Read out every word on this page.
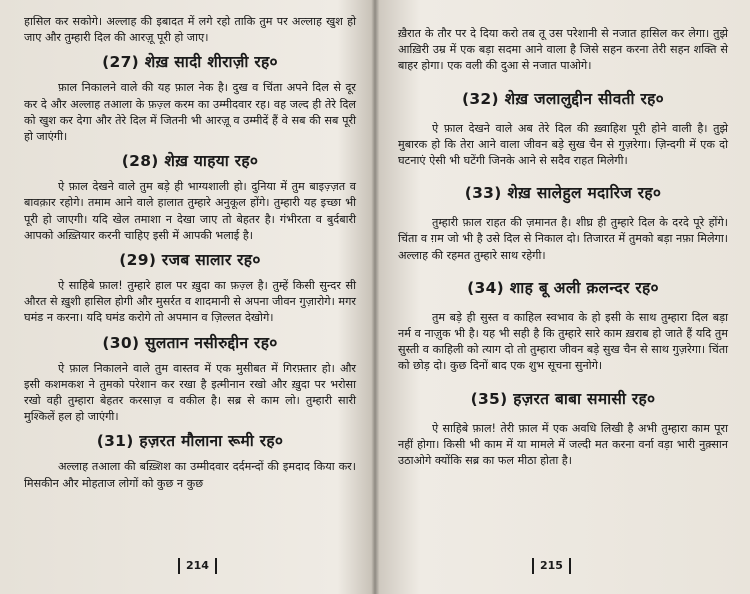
हासिल कर सकोगे। अल्लाह की इबादत में लगे रहो ताकि तुम पर अल्लाह खुश हो जाए और तुम्हारी दिल की आरज़ू पूरी हो जाए।

(27) शेख़ सादी शीराज़ी रह०

फ़ाल निकालने वाले की यह फ़ाल नेक है। दुख व चिंता अपने दिल से दूर कर दे और अल्लाह तआला के फ़ज़्ल करम का उम्मीदवार रह। वह जल्द ही तेरे दिल को खुश कर देगा और तेरे दिल में जितनी भी आरज़ू व उम्मीदें हैं वे सब की सब पूरी हो जाएंगी।

(28) शेख़ याहया रह०

ऐ फ़ाल देखने वाले तुम बड़े ही भाग्यशाली हो। दुनिया में तुम बाइज़्ज़त व बावक़ार रहोगे। तमाम आने वाले हालात तुम्हारे अनुकूल होंगे। तुम्हारी यह इच्छा भी पूरी हो जाएगी। यदि खेल तमाशा न देखा जाए तो बेहतर है। गंभीरता व बुर्दबारी आपको अख़्तियार करनी चाहिए इसी में आपकी भलाई है।

(29) रजब सालार रह०

ऐ साहिबे फ़ाल! तुम्हारे हाल पर ख़ुदा का फ़ज़्ल है। तुम्हें किसी सुन्दर सी औरत से ख़ुशी हासिल होगी और मुसर्रत व शादमानी से अपना जीवन गुज़ारोगे। मगर घमंड न करना। यदि घमंड करोगे तो अपमान व ज़िल्लत देखोगे।

(30) सुलतान नसीरुद्दीन रह०

ऐ फ़ाल निकालने वाले तुम वास्तव में एक मुसीबत में गिरफ़्तार हो। और इसी कशमकश ने तुमको परेशान कर रखा है इत्मीनान रखो और ख़ुदा पर भरोसा रखो वही तुम्हारा बेहतर करसाज़ व वकील है। सब्र से काम लो। तुम्हारी सारी मुश्किलें हल हो जाएंगी।

(31) हज़रत मौलाना रूमी रह०

अल्लाह तआला की बख़्शिश का उम्मीदवार दर्दमन्दों की इमदाद किया कर। मिसकीन और मोहताज लोगों को कुछ न कुछ

214

ख़ैरात के तौर पर दे दिया करो तब तू उस परेशानी से नजात हासिल कर लेगा। तुझे आख़िरी उम्र में एक बड़ा सदमा आने वाला है जिसे सहन करना तेरी सहन शक्ति से बाहर होगा। एक वली की दुआ से नजात पाओगे।

(32) शेख़ जलालुद्दीन सीवती रह०

ऐ फ़ाल देखने वाले अब तेरे दिल की ख़्वाहिश पूरी होने वाली है। तुझे मुबारक हो कि तेरा आने वाला जीवन बड़े सुख चैन से गुज़रेगा। ज़िन्दगी में एक दो घटनाएं ऐसी भी घटेंगी जिनके आने से सदैव राहत मिलेगी।

(33) शेख़ सालेहुल मदारिज रह०

तुम्हारी फ़ाल राहत की ज़मानत है। शीघ्र ही तुम्हारे दिल के दरदे पूरे होंगे। चिंता व ग़म जो भी है उसे दिल से निकाल दो। तिजारत में तुमको बड़ा नफ़ा मिलेगा। अल्लाह की रहमत तुम्हारे साथ रहेगी।

(34) शाह बू अली क़लन्दर रह०

तुम बड़े ही सुस्त व काहिल स्वभाव के हो इसी के साथ तुम्हारा दिल बड़ा नर्म व नाज़ुक भी है। यह भी सही है कि तुम्हारे सारे काम ख़राब हो जाते हैं यदि तुम सुस्ती व काहिली को त्याग दो तो तुम्हारा जीवन बड़े सुख चैन से साथ गुज़रेगा। चिंता को छोड़ दो। कुछ दिनों बाद एक शुभ सूचना सुनोगे।

(35) हज़रत बाबा समासी रह०

ऐ साहिबे फ़ाल! तेरी फ़ाल में एक अवधि लिखी है अभी तुम्हारा काम पूरा नहीं होगा। किसी भी काम में या मामले में जल्दी मत करना वर्ना वड़ा भारी नुक़्सान उठाओगे क्योंकि सब्र का फल मीठा होता है।

215
